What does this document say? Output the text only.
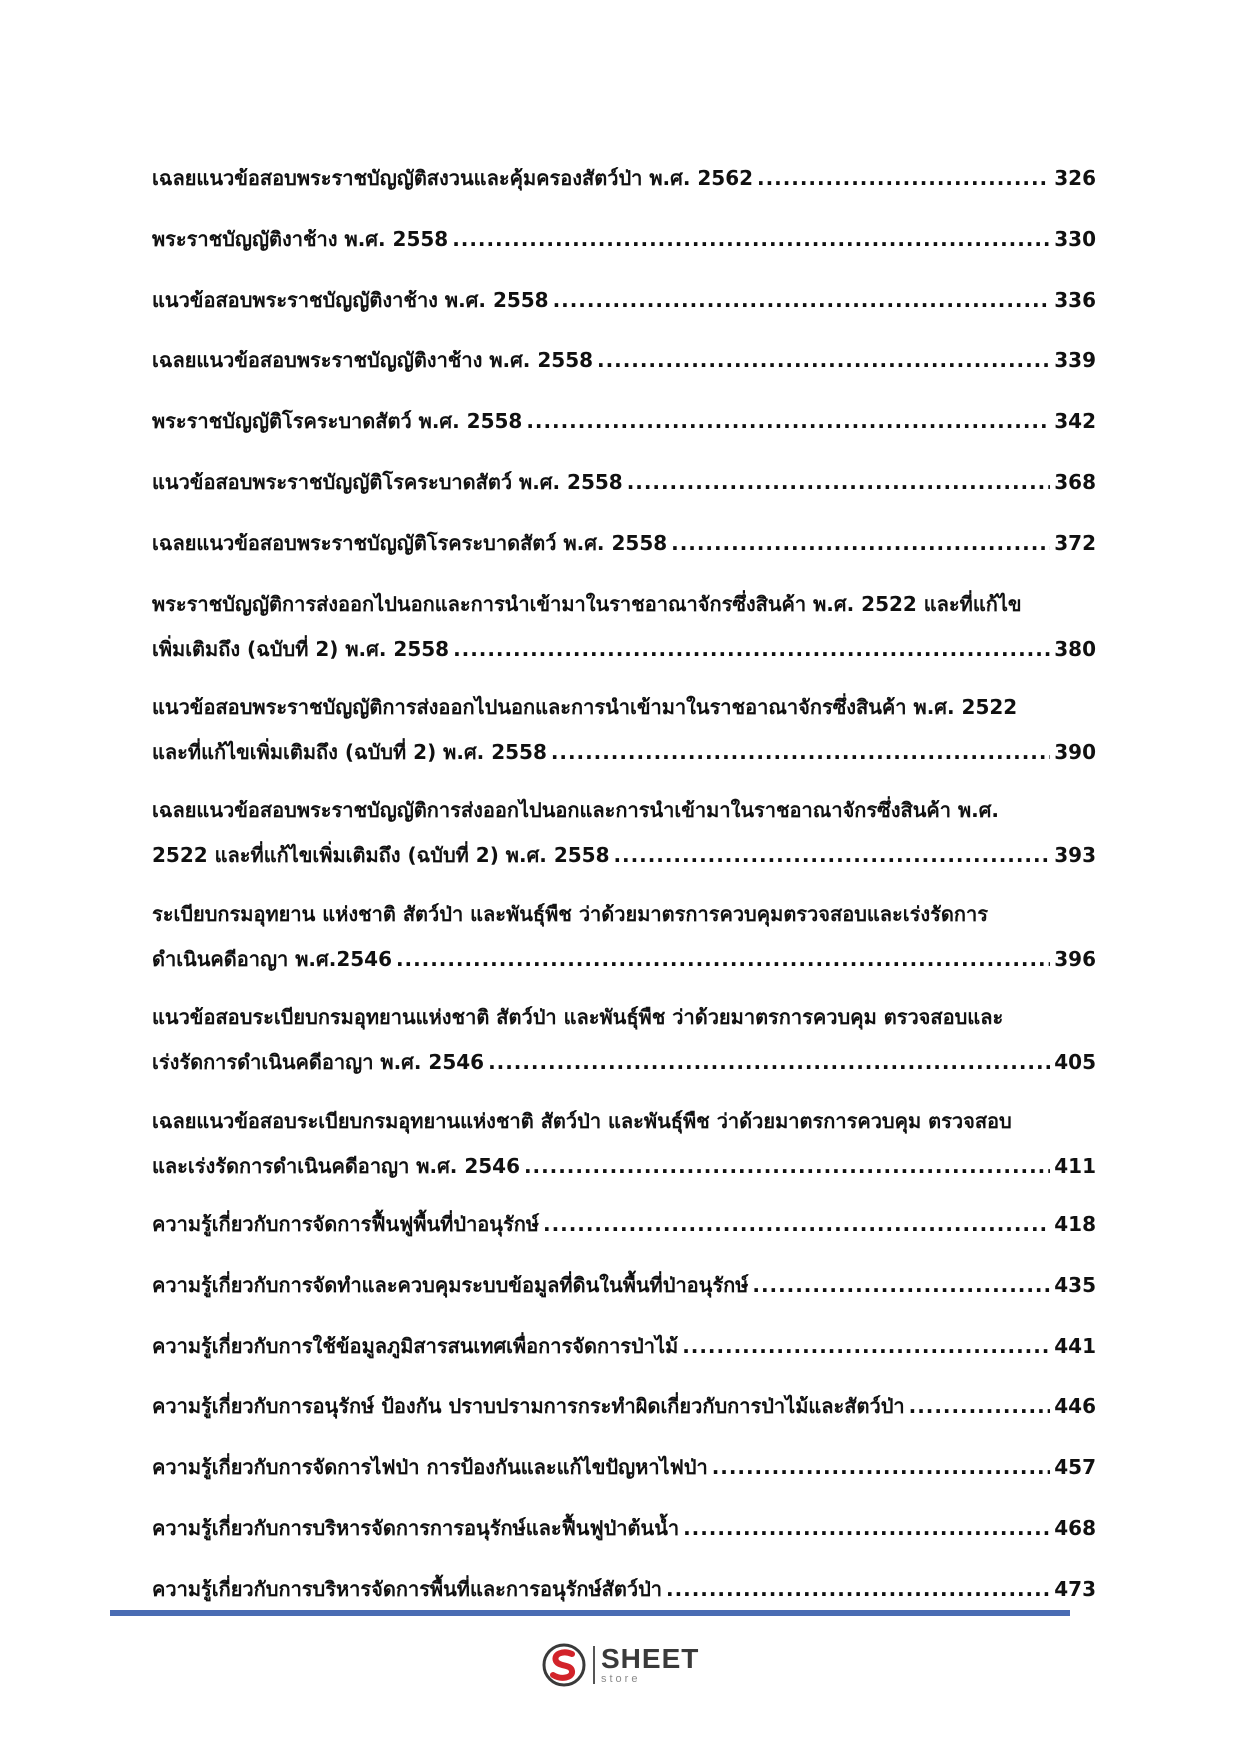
เฉลยแนวข้อสอบพระราชบัญญัติสงวนและคุ้มครองสัตว์ป่า พ.ศ. 2562 . . .	326
พระราชบัญญัติงาช้าง พ.ศ. 2558 . . .	330
แนวข้อสอบพระราชบัญญัติงาช้าง พ.ศ. 2558 . . .	336
เฉลยแนวข้อสอบพระราชบัญญัติงาช้าง พ.ศ. 2558 . . .	339
พระราชบัญญัติโรคระบาดสัตว์ พ.ศ. 2558 . . .	342
แนวข้อสอบพระราชบัญญัติโรคระบาดสัตว์ พ.ศ. 2558 . . .	368
เฉลยแนวข้อสอบพระราชบัญญัติโรคระบาดสัตว์ พ.ศ. 2558 . . .	372
พระราชบัญญัติการส่งออกไปนอกและการนำเข้ามาในราชอาณาจักรซึ่งสินค้า พ.ศ. 2522 และที่แก้ไข
เพิ่มเติมถึง (ฉบับที่ 2) พ.ศ. 2558 . . .	380
แนวข้อสอบพระราชบัญญัติการส่งออกไปนอกและการนำเข้ามาในราชอาณาจักรซึ่งสินค้า พ.ศ. 2522
และที่แก้ไขเพิ่มเติมถึง (ฉบับที่ 2) พ.ศ. 2558 . . .	390
เฉลยแนวข้อสอบพระราชบัญญัติการส่งออกไปนอกและการนำเข้ามาในราชอาณาจักรซึ่งสินค้า พ.ศ.
2522 และที่แก้ไขเพิ่มเติมถึง (ฉบับที่ 2) พ.ศ. 2558 . . .	393
ระเบียบกรมอุทยาน แห่งชาติ สัตว์ป่า และพันธุ์พืช ว่าด้วยมาตรการควบคุมตรวจสอบและเร่งรัดการ
ดำเนินคดีอาญา พ.ศ.2546 . . .	396
แนวข้อสอบระเบียบกรมอุทยานแห่งชาติ สัตว์ป่า และพันธุ์พืช ว่าด้วยมาตรการควบคุม ตรวจสอบและ
เร่งรัดการดำเนินคดีอาญา พ.ศ. 2546 . . .	405
เฉลยแนวข้อสอบระเบียบกรมอุทยานแห่งชาติ สัตว์ป่า และพันธุ์พืช ว่าด้วยมาตรการควบคุม ตรวจสอบ
และเร่งรัดการดำเนินคดีอาญา พ.ศ. 2546 . . .	411
ความรู้เกี่ยวกับการจัดการฟื้นฟูพื้นที่ป่าอนุรักษ์ . . .	418
ความรู้เกี่ยวกับการจัดทำและควบคุมระบบข้อมูลที่ดินในพื้นที่ป่าอนุรักษ์ . . .	435
ความรู้เกี่ยวกับการใช้ข้อมูลภูมิสารสนเทศเพื่อการจัดการป่าไม้ . . .	441
ความรู้เกี่ยวกับการอนุรักษ์ ป้องกัน ปราบปรามการกระทำผิดเกี่ยวกับการป่าไม้และสัตว์ป่า . . .	446
ความรู้เกี่ยวกับการจัดการไฟป่า การป้องกันและแก้ไขปัญหาไฟป่า . . .	457
ความรู้เกี่ยวกับการบริหารจัดการการอนุรักษ์และฟื้นฟูป่าต้นน้ำ . . .	468
ความรู้เกี่ยวกับการบริหารจัดการพื้นที่และการอนุรักษ์สัตว์ป่า . . .	473
SHEET
store
